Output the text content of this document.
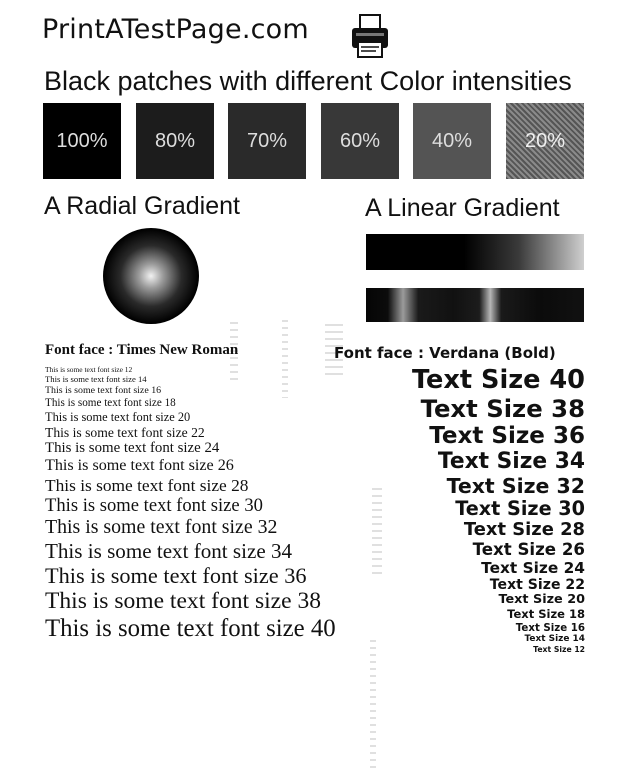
PrintATestPage.com
Black patches with different Color intensities
100%	80%	70%	60%	40%	20%
A Radial Gradient	A Linear Gradient
Font face : Times New Roman	Font face : Verdana (Bold)
This is some text font size 12
This is some text font size 14
This is some text font size 16
This is some text font size 18
This is some text font size 20
This is some text font size 22
This is some text font size 24
This is some text font size 26
This is some text font size 28
This is some text font size 30
This is some text font size 32
This is some text font size 34
This is some text font size 36
This is some text font size 38
This is some text font size 40
Text Size 40
Text Size 38
Text Size 36
Text Size 34
Text Size 32
Text Size 30
Text Size 28
Text Size 26
Text Size 24
Text Size 22
Text Size 20
Text Size 18
Text Size 16
Text Size 14
Text Size 12
